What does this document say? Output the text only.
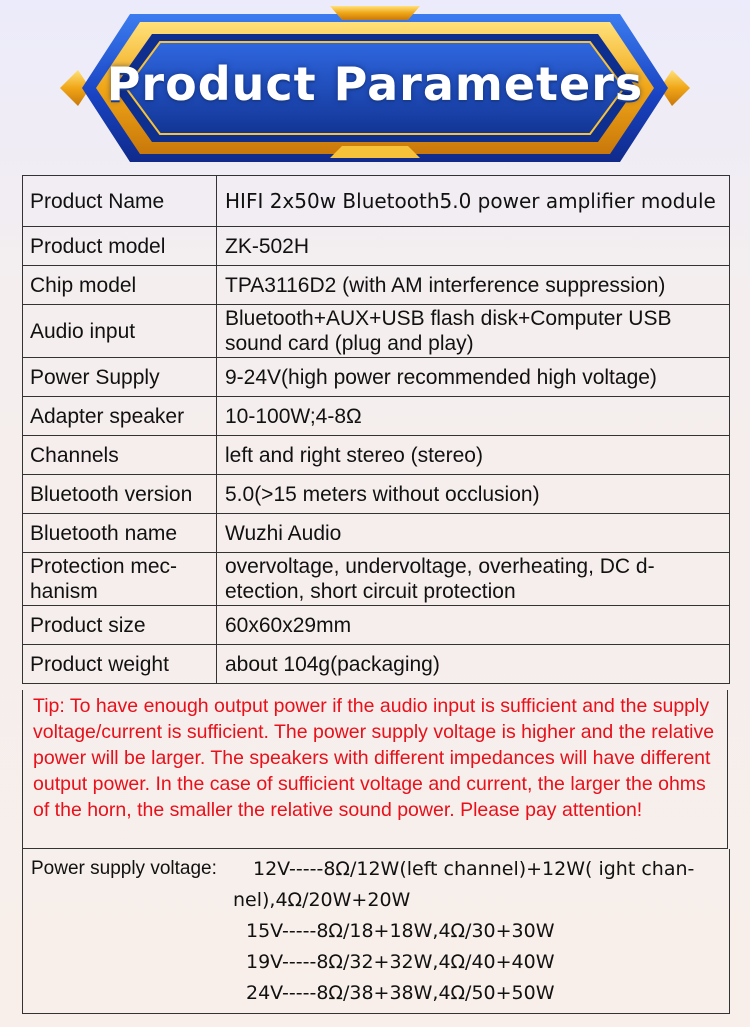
Product Parameters
Product Name	HIFI 2x50w Bluetooth5.0 power amplifier module

Product model	ZK-502H
Chip model	TPA3116D2 (with AM interference suppression)
Audio input	Bluetooth+AUX+USB flash disk+Computer USB sound card (plug and play)
Power Supply	9-24V(high power recommended high voltage)
Adapter speaker	10-100W;4-8Ω
Channels	left and right stereo (stereo)
Bluetooth version	5.0(>15 meters without occlusion)
Bluetooth name	Wuzhi Audio
Protection mec-hanism	overvoltage, undervoltage, overheating, DC d-etection, short circuit protection
Product size	60x60x29mm
Product weight	about 104g(packaging)
Tip: To have enough output power if the audio input is sufficient and the supply voltage/current is sufficient. The power supply voltage is higher and the relative power will be larger. The speakers with different impedances will have different output power. In the case of sufficient voltage and current, the larger the ohms of the horn, the smaller the relative sound power. Please pay attention!
Power supply voltage: 12V-----8Ω/12W(left channel)+12W( ight chan-
nel),4Ω/20W+20W
15V-----8Ω/18+18W,4Ω/30+30W
19V-----8Ω/32+32W,4Ω/40+40W
24V-----8Ω/38+38W,4Ω/50+50W
